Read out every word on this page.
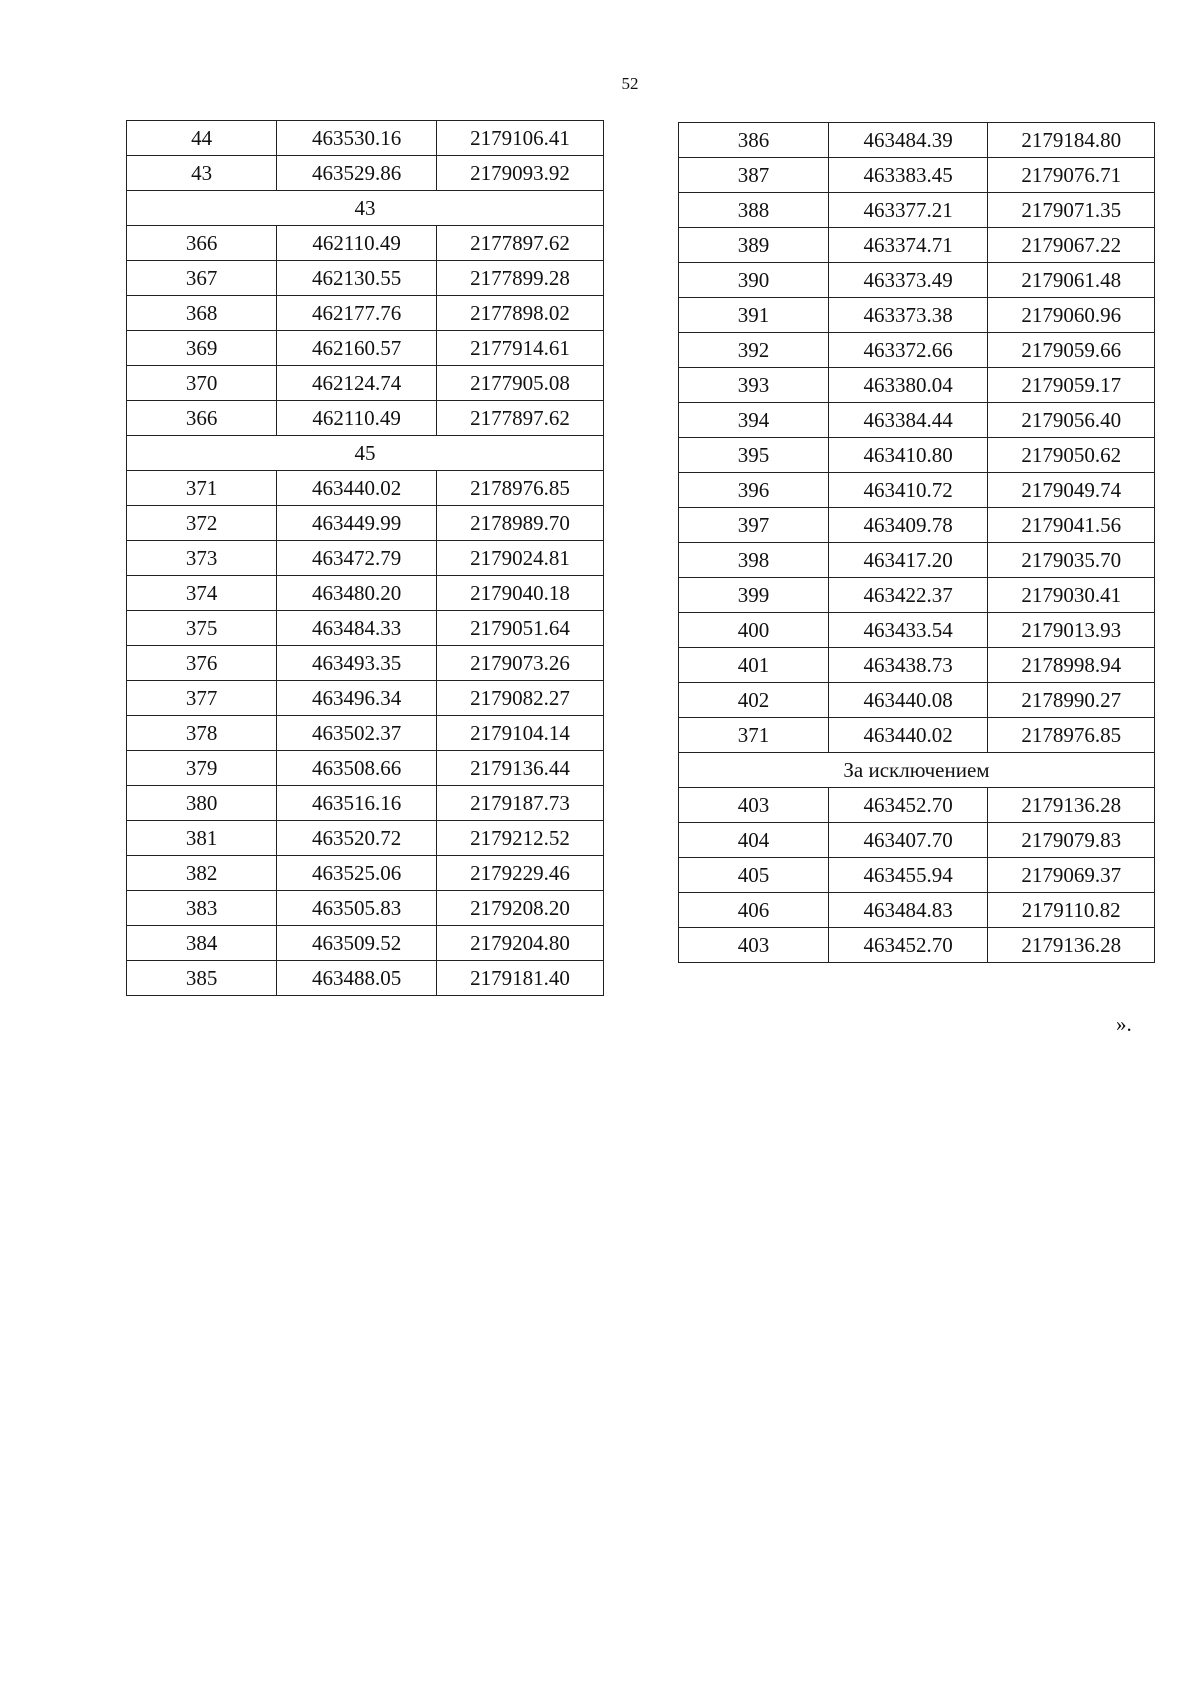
52
44	463530.16	2179106.41
43	463529.86	2179093.92
43		
366	462110.49	2177897.62
367	462130.55	2177899.28
368	462177.76	2177898.02
369	462160.57	2177914.61
370	462124.74	2177905.08
366	462110.49	2177897.62
45		
371	463440.02	2178976.85
372	463449.99	2178989.70
373	463472.79	2179024.81
374	463480.20	2179040.18
375	463484.33	2179051.64
376	463493.35	2179073.26
377	463496.34	2179082.27
378	463502.37	2179104.14
379	463508.66	2179136.44
380	463516.16	2179187.73
381	463520.72	2179212.52
382	463525.06	2179229.46
383	463505.83	2179208.20
384	463509.52	2179204.80
385	463488.05	2179181.40
386	463484.39	2179184.80
387	463383.45	2179076.71
388	463377.21	2179071.35
389	463374.71	2179067.22
390	463373.49	2179061.48
391	463373.38	2179060.96
392	463372.66	2179059.66
393	463380.04	2179059.17
394	463384.44	2179056.40
395	463410.80	2179050.62
396	463410.72	2179049.74
397	463409.78	2179041.56
398	463417.20	2179035.70
399	463422.37	2179030.41
400	463433.54	2179013.93
401	463438.73	2178998.94
402	463440.08	2178990.27
371	463440.02	2178976.85
За исключением		
403	463452.70	2179136.28
404	463407.70	2179079.83
405	463455.94	2179069.37
406	463484.83	2179110.82
403	463452.70	2179136.28
».
